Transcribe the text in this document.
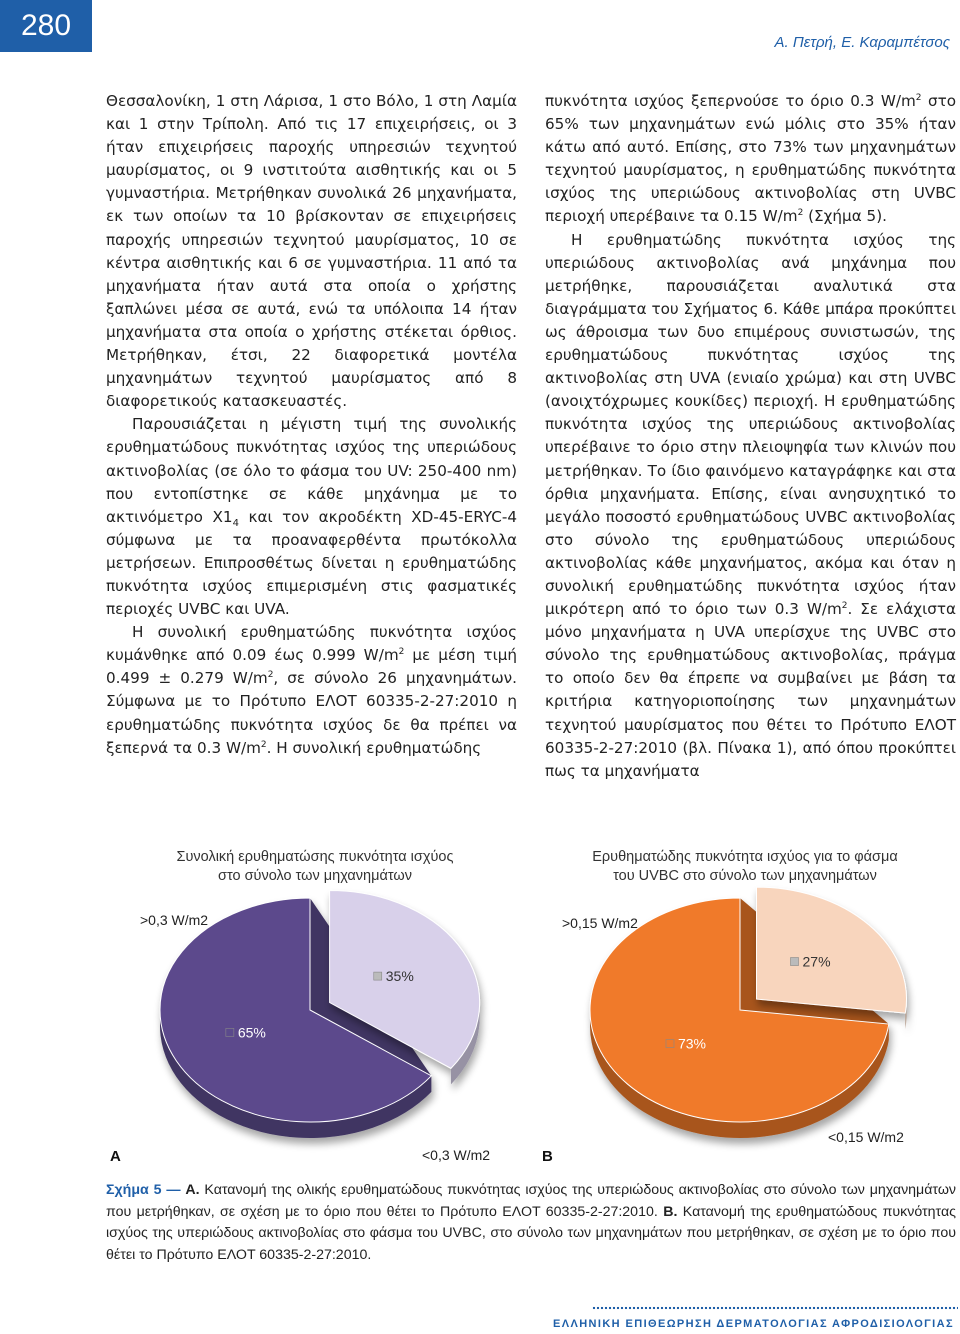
280
Α. Πετρή, Ε. Καραμπέτσος

Θεσσαλονίκη, 1 στη Λάρισα, 1 στο Βόλο, 1 στη Λαμία και 1 στην Τρίπολη. Από τις 17 επιχειρήσεις, οι 3 ήταν επιχειρήσεις παροχής υπηρεσιών τεχνητού μαυρίσματος, οι 9 ινστιτούτα αισθητικής και οι 5 γυμναστήρια. Μετρήθηκαν συνολικά 26 μηχανήματα, εκ των οποίων τα 10 βρίσκονταν σε επιχειρήσεις παροχής υπηρεσιών τεχνητού μαυρίσματος, 10 σε κέντρα αισθητικής και 6 σε γυμναστήρια. 11 από τα μηχανήματα ήταν αυτά στα οποία ο χρήστης ξαπλώνει μέσα σε αυτά, ενώ τα υπόλοιπα 14 ήταν μηχανήματα στα οποία ο χρήστης στέκεται όρθιος. Μετρήθηκαν, έτσι, 22 διαφορετικά μοντέλα μηχανημάτων τεχνητού μαυρίσματος από 8 διαφορετικούς κατασκευαστές.

Παρουσιάζεται η μέγιστη τιμή της συνολικής ερυθηματώδους πυκνότητας ισχύος της υπεριώδους ακτινοβολίας (σε όλο το φάσμα του UV: 250-400 nm) που εντοπίστηκε σε κάθε μηχάνημα με το ακτινόμετρο $X1_4$ και τον ακροδέκτη XD-45-ERYC-4 σύμφωνα με τα προαναφερθέντα πρωτόκολλα μετρήσεων. Επιπροσθέτως δίνεται η ερυθηματώδης πυκνότητα ισχύος επιμερισμένη στις φασματικές περιοχές UVBC και UVA.

Η συνολική ερυθηματώδης πυκνότητα ισχύος κυμάνθηκε από 0.09 έως 0.999 $W/m^2$ με μέση τιμή 0.499 ± 0.279 $W/m^2$, σε σύνολο 26 μηχανημάτων. Σύμφωνα με το Πρότυπο ΕΛΟΤ 60335-2-27:2010 η ερυθηματώδης πυκνότητα ισχύος δε θα πρέπει να ξεπερνά τα 0.3 $W/m^2$. Η συνολική ερυθηματώδης

πυκνότητα ισχύος ξεπερνούσε το όριο 0.3 $W/m^2$ στο 65% των μηχανημάτων ενώ μόλις στο 35% ήταν κάτω από αυτό. Επίσης, στο 73% των μηχανημάτων τεχνητού μαυρίσματος, η ερυθηματώδης πυκνότητα ισχύος της υπεριώδους ακτινοβολίας στη UVBC περιοχή υπερέβαινε τα 0.15 $W/m^2$ (Σχήμα 5).

Η ερυθηματώδης πυκνότητα ισχύος της υπεριώδους ακτινοβολίας ανά μηχάνημα που μετρήθηκε, παρουσιάζεται αναλυτικά στα διαγράμματα του Σχήματος 6. Κάθε μπάρα προκύπτει ως άθροισμα των δυο επιμέρους συνιστωσών, της ερυθηματώδους πυκνότητας ισχύος της ακτινοβολίας στη UVA (ενιαίο χρώμα) και στη UVBC (ανοιχτόχρωμες κουκίδες) περιοχή. Η ερυθηματώδης πυκνότητα ισχύος της υπεριώδους ακτινοβολίας υπερέβαινε το όριο στην πλειοψηφία των κλινών που μετρήθηκαν. Το ίδιο φαινόμενο καταγράφηκε και στα όρθια μηχανήματα. Επίσης, είναι ανησυχητικό το μεγάλο ποσοστό ερυθηματώδους UVBC ακτινοβολίας στο σύνολο της ερυθηματώδους υπεριώδους ακτινοβολίας κάθε μηχανήματος, ακόμα και όταν η συνολική ερυθηματώδης πυκνότητα ισχύος ήταν μικρότερη από το όριο των 0.3 $W/m^2$. Σε ελάχιστα μόνο μηχανήματα η UVA υπερίσχυε της UVBC στο σύνολο της ερυθηματώδους ακτινοβολίας, πράγμα το οποίο δεν θα έπρεπε να συμβαίνει με βάση τα κριτήρια κατηγοριοποίησης των μηχανημάτων τεχνητού μαυρίσματος που θέτει το Πρότυπο ΕΛΟΤ 60335-2-27:2010 (βλ. Πίνακα 1), από όπου προκύπτει πως τα μηχανήματα

65%
>0,3 W/m2
35%
<0,3 W/m2
73%
>0,15 W/m2
27%
<0,15 W/m2
Συνολική ερυθηματώσης πυκνότητα ισχύος
στο σύνολο των μηχανημάτων
Ερυθηματώδης πυκνότητα ισχύος για το φάσμα
του UVBC στο σύνολο των μηχανημάτων
A	B
Σχήμα 5 — A. Κατανομή της ολικής ερυθηματώδους πυκνότητας ισχύος της υπεριώδους ακτινοβολίας στο σύνολο των μηχανημάτων που μετρήθηκαν, σε σχέση με το όριο που θέτει το Πρότυπο ΕΛΟΤ 60335-2-27:2010. B. Κατανομή της ερυθηματώδους πυκνότητας ισχύος της υπεριώδους ακτινοβολίας στο φάσμα του UVBC, στο σύνολο των μηχανημάτων που μετρήθηκαν, σε σχέση με το όριο που θέτει το Πρότυπο ΕΛΟΤ 60335-2-27:2010.
ΕΛΛΗΝΙΚΗ ΕΠΙΘΕΩΡΗΣΗ ΔΕΡΜΑΤΟΛΟΓΙΑΣ ΑΦΡΟΔΙΣΙΟΛΟΓΙΑΣ
